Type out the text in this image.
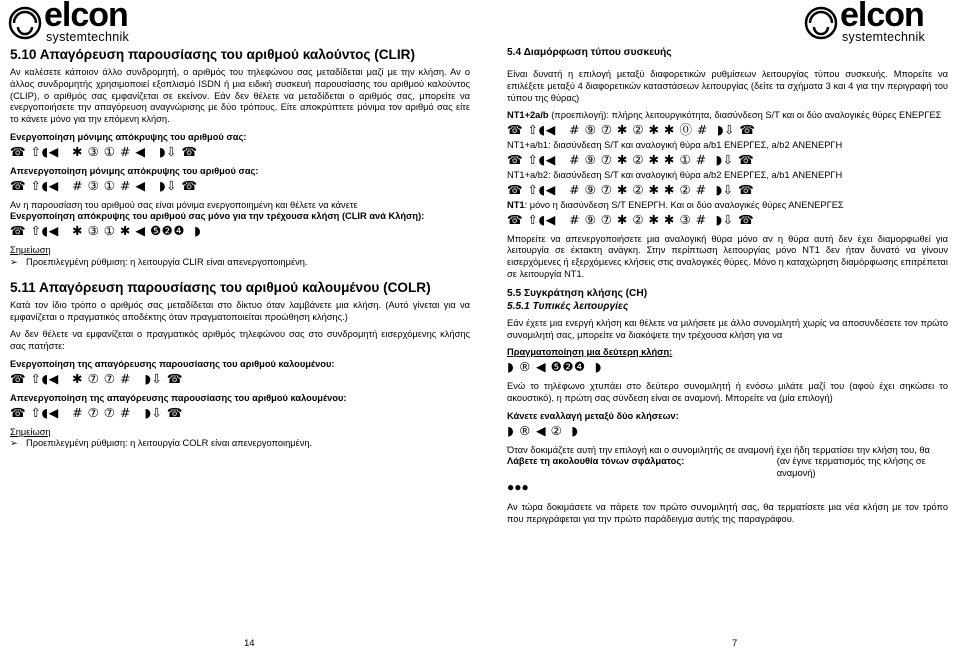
elcon
systemtechnik
5.10 Απαγόρευση παρουσίασης του αριθμού καλούντος (CLIR)

Αν καλέσετε κάποιον άλλο συνδρομητή, ο αριθμός του τηλεφώνου σας μεταδίδεται μαζί με την κλήση. Αν ο άλλος συνδρομητής χρησιμοποιεί εξοπλισμό ISDN ή μια ειδική συσκευή παρουσίασης του αριθμού καλούντος (CLIP), ο αριθμός σας εμφανίζεται σε εκείνον. Εάν δεν θέλετε να μεταδίδεται ο αριθμός σας, μπορείτε να ενεργοποιήσετε την απαγόρευση αναγνώρισης με δύο τρόπους. Είτε αποκρύπτετε μόνιμα τον αριθμό σας είτε το κάνετε μόνο για την επόμενη κλήση.

Ενεργοποίηση μόνιμης απόκρυψης του αριθμού σας:
☎ ⇧◖◀   ✱ ③ ① # ◀   ◗⇩ ☎
Απενεργοποίηση μόνιμης απόκρυψης του αριθμού σας:
☎ ⇧◖◀   # ③ ① # ◀   ◗⇩ ☎
Αν η παρουσίαση του αριθμού σας είναι μόνιμα ενεργοποιημένη και θέλετε να κάνετε
Ενεργοποίηση απόκρυψης του αριθμού σας μόνο για την τρέχουσα κλήση (CLIR ανά Κλήση):
☎ ⇧◖◀   ✱ ③ ① ✱ ◀ ❺❷❹  ◗
Σημείωση
➢ Προεπιλεγμένη ρύθμιση: η λειτουργία CLIR είναι απενεργοποιημένη.
5.11 Απαγόρευση παρουσίασης του αριθμού καλουμένου (COLR)

Κατά τον ίδιο τρόπο ο αριθμός σας μεταδίδεται στο δίκτυο όταν λαμβάνετε μια κλήση. (Αυτό γίνεται για να εμφανίζεται ο πραγματικός αποδέκτης όταν πραγματοποιείται προώθηση κλήσης.)

Αν δεν θέλετε να εμφανίζεται ο πραγματικός αριθμός τηλεφώνου σας στο συνδρομητή εισερχόμενης κλήσης σας πατήστε:

Ενεργοποίηση της απαγόρευσης παρουσίασης του αριθμού καλουμένου:
☎ ⇧◖◀   ✱ ⑦ ⑦ #   ◗⇩ ☎
Απενεργοποίηση της απαγόρευσης παρουσίασης του αριθμού καλουμένου:
☎ ⇧◖◀   # ⑦ ⑦ #   ◗⇩ ☎
Σημείωση
➢ Προεπιλεγμένη ρύθμιση: η λειτουργία COLR είναι απενεργοποιημένη.
14
elcon
systemtechnik
5.4 Διαμόρφωση τύπου συσκευής

Είναι δυνατή η επιλογή μεταξύ διαφορετικών ρυθμίσεων λειτουργίας τύπου συσκευής. Μπορείτε να επιλέξετε μεταξύ 4 διαφορετικών καταστάσεων λειτουργίας (δείτε τα σχήματα 3 και 4 για την περιγραφή του τύπου της θύρας)

NT1+2a/b (προεπιλογή): πλήρης λειτουργικότητα, διασύνδεση S/T και οι δύο αναλογικές θύρες ΕΝΕΡΓΕΣ
☎ ⇧◖◀   # ⑨ ⑦ ✱ ② ✱ ✱ ⓪ #  ◗⇩ ☎
NT1+a/b1: διασύνδεση S/T και αναλογική θύρα a/b1 ΕΝΕΡΓΕΣ, a/b2 ΑΝΕΝΕΡΓΗ
☎ ⇧◖◀   # ⑨ ⑦ ✱ ② ✱ ✱ ① #  ◗⇩ ☎
NT1+a/b2: διασύνδεση S/T και αναλογική θύρα a/b2 ΕΝΕΡΓΕΣ, a/b1 ΑΝΕΝΕΡΓΗ
☎ ⇧◖◀   # ⑨ ⑦ ✱ ② ✱ ✱ ② #  ◗⇩ ☎
NT1: μόνο η διασύνδεση S/T ΕΝΕΡΓΗ. Και οι δύο αναλογικές θύρες ΑΝΕΝΕΡΓΕΣ
☎ ⇧◖◀   # ⑨ ⑦ ✱ ② ✱ ✱ ③ #  ◗⇩ ☎

Μπορείτε να απενεργοποιήσετε μια αναλογική θύρα μόνο αν η θύρα αυτή δεν έχει διαμορφωθεί για λειτουργία σε έκτακτη ανάγκη. Στην περίπτωση λειτουργίας μόνο NT1 δεν ήταν δυνατό να γίνουν εισερχόμενες ή εξερχόμενες κλήσεις στις αναλογικές θύρες. Μόνο η καταχώρηση διαμόρφωσης επιτρέπεται σε λειτουργία NT1.

5.5 Συγκράτηση κλήσης (CH)
5.5.1 Τυπικές λειτουργίες

Εάν έχετε μια ενεργή κλήση και θέλετε να μιλήσετε με άλλο συνομιλητή χωρίς να αποσυνδέσετε τον πρώτο συνομιλητή σας, μπορείτε να διακόψετε την τρέχουσα κλήση για να

Πραγματοποίηση μια δεύτερη κλήση:
◗ ® ◀ ❺❷❹  ◗

Ενώ το τηλέφωνο χτυπάει στο δεύτερο συνομιλητή ή ενόσω μιλάτε μαζί του (αφού έχει σηκώσει το ακουστικό), η πρώτη σας σύνδεση είναι σε αναμονή. Μπορείτε να (μία επιλογή)

Κάνετε εναλλαγή μεταξύ δύο κλήσεων:
◗ ® ◀ ②  ◗
Όταν δοκιμάζετε αυτή την επιλογή και ο συνομιλητής σε αναμονή έχει ήδη τερματίσει την κλήση του, θα
Λάβετε τη ακολουθία τόνων σφάλματος:	(αν έγινε τερματισμός της κλήσης σε αναμονή)
●●●

Αν τώρα δοκιμάσετε να πάρετε τον πρώτο συνομιλητή σας, θα τερματίσετε μια νέα κλήση με τον τρόπο που περιγράφεται για την πρώτο παράδειγμα αυτής της παραγράφου.

7
